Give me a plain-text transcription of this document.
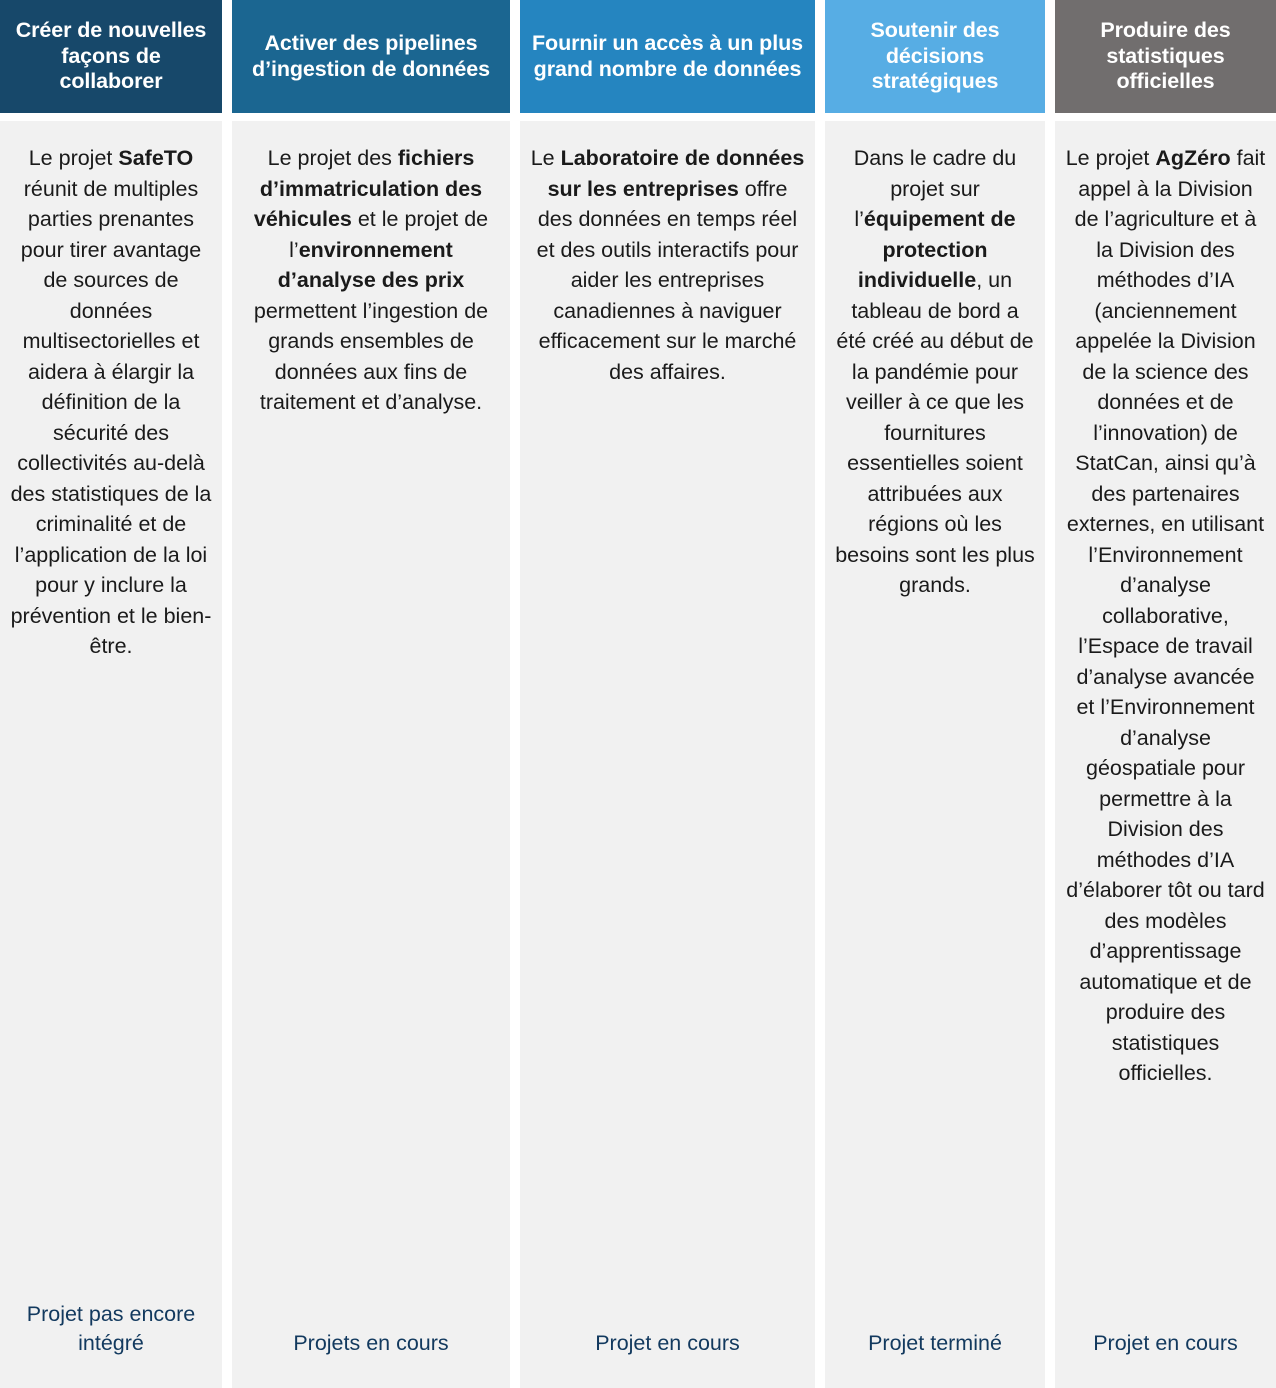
Créer de nouvelles façons de collaborer
Le projet SafeTO réunit de multiples parties prenantes pour tirer avantage de sources de données multisectorielles et aidera à élargir la définition de la sécurité des collectivités au-delà des statistiques de la criminalité et de l’application de la loi pour y inclure la prévention et le bien-être.
Projet pas encore intégré
Activer des pipelines d’ingestion de données
Le projet des fichiers d’immatriculation des véhicules et le projet de l’environnement d’analyse des prix permettent l’ingestion de grands ensembles de données aux fins de traitement et d’analyse.
Projets en cours
Fournir un accès à un plus grand nombre de données
Le Laboratoire de données sur les entreprises offre des données en temps réel et des outils interactifs pour aider les entreprises canadiennes à naviguer efficacement sur le marché des affaires.
Projet en cours
Soutenir des décisions stratégiques
Dans le cadre du projet sur l’équipement de protection individuelle, un tableau de bord a été créé au début de la pandémie pour veiller à ce que les fournitures essentielles soient attribuées aux régions où les besoins sont les plus grands.
Projet terminé
Produire des statistiques officielles
Le projet AgZéro fait appel à la Division de l’agriculture et à la Division des méthodes d’IA (anciennement appelée la Division de la science des données et de l’innovation) de StatCan, ainsi qu’à des partenaires externes, en utilisant l’Environnement d’analyse collaborative, l’Espace de travail d’analyse avancée et l’Environnement d’analyse géospatiale pour permettre à la Division des méthodes d’IA d’élaborer tôt ou tard des modèles d’apprentissage automatique et de produire des statistiques officielles.
Projet en cours
